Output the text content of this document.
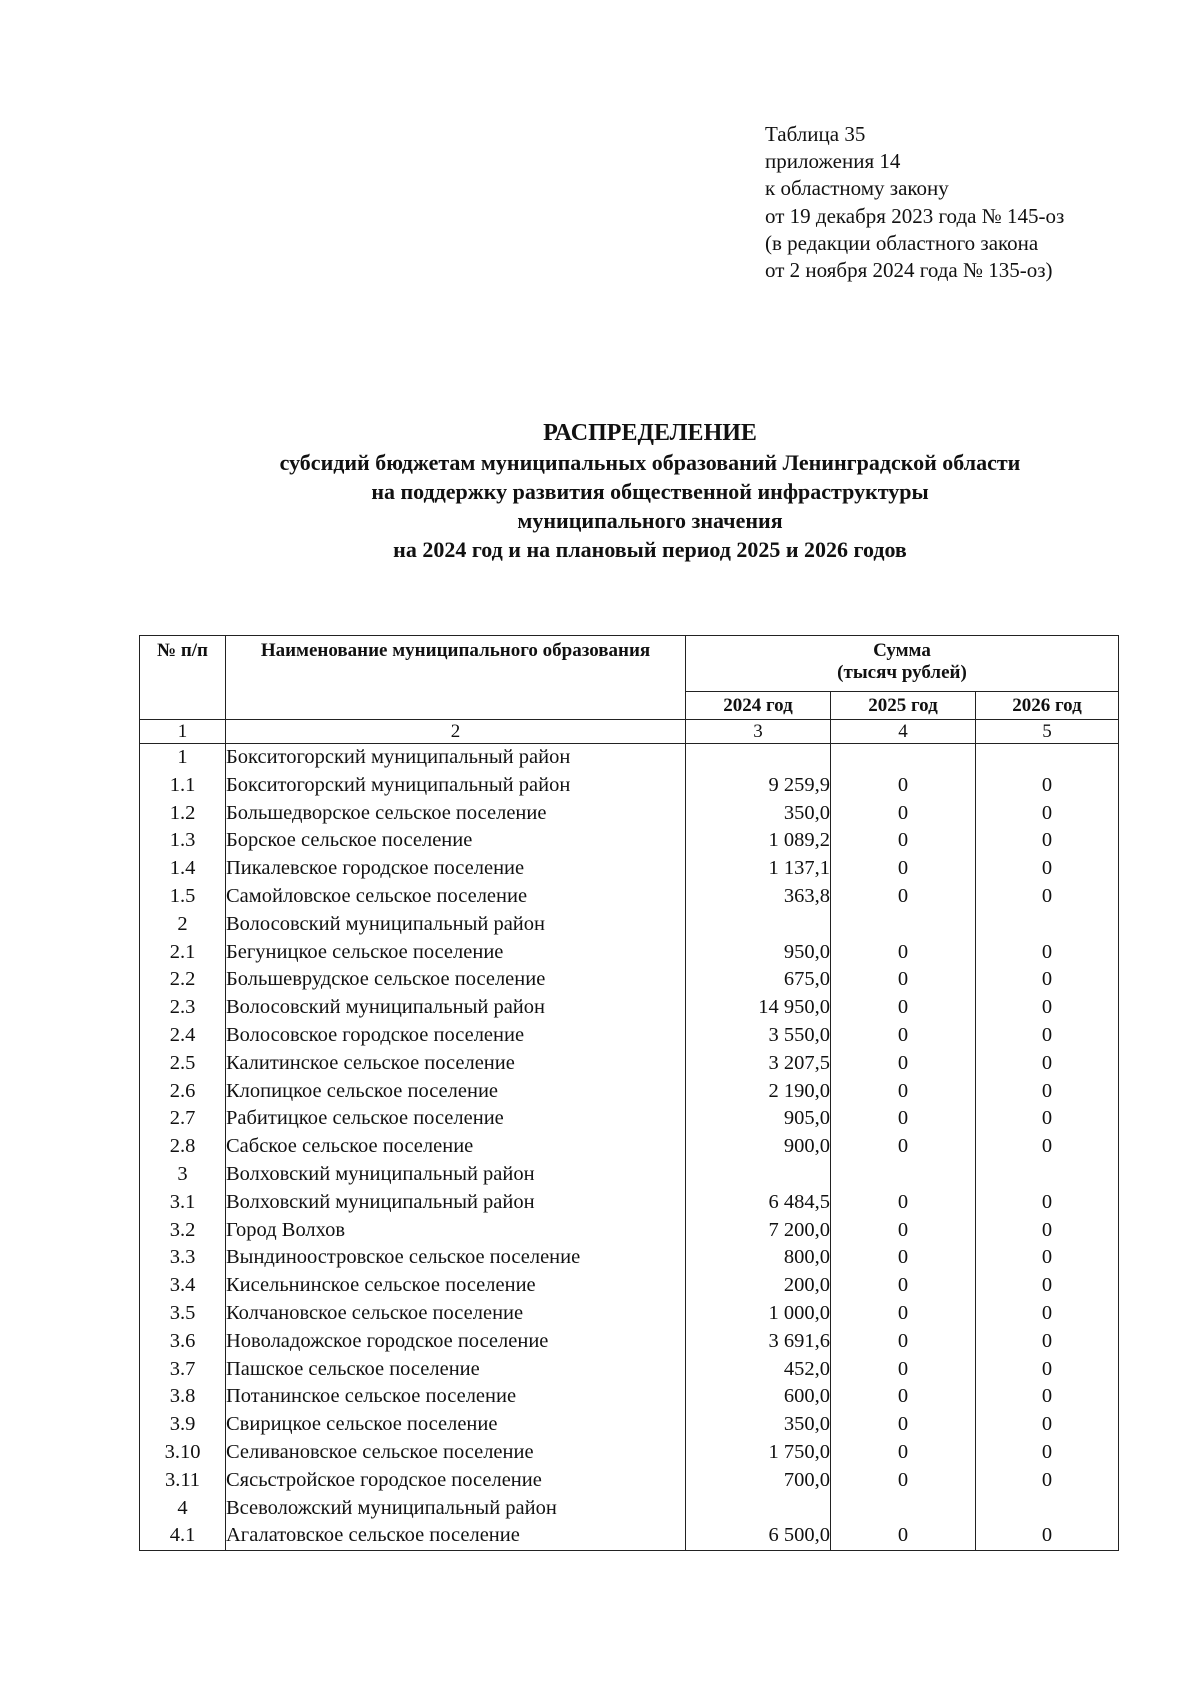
Таблица 35
приложения 14
к областному закону
от 19 декабря 2023 года № 145-оз
(в редакции областного закона
от 2 ноября 2024 года № 135-оз)
РАСПРЕДЕЛЕНИЕ
субсидий бюджетам муниципальных образований Ленинградской области
на поддержку развития общественной инфраструктуры
муниципального значения
на 2024 год и на плановый период 2025 и 2026 годов
№ п/п	Наименование муниципального образования	Сумма
(тысяч рублей)		

		2024 год	2025 год	2026 год
1	2	3	4	5
1	Бокситогорский муниципальный район			
1.1	Бокситогорский муниципальный район	9 259,9	0	0
1.2	Большедворское сельское поселение	350,0	0	0
1.3	Борское сельское поселение	1 089,2	0	0
1.4	Пикалевское городское поселение	1 137,1	0	0
1.5	Самойловское сельское поселение	363,8	0	0
2	Волосовский муниципальный район			
2.1	Бегуницкое сельское поселение	950,0	0	0
2.2	Большеврудское сельское поселение	675,0	0	0
2.3	Волосовский муниципальный район	14 950,0	0	0
2.4	Волосовское городское поселение	3 550,0	0	0
2.5	Калитинское сельское поселение	3 207,5	0	0
2.6	Клопицкое сельское поселение	2 190,0	0	0
2.7	Рабитицкое сельское поселение	905,0	0	0
2.8	Сабское сельское поселение	900,0	0	0
3	Волховский муниципальный район			
3.1	Волховский муниципальный район	6 484,5	0	0
3.2	Город Волхов	7 200,0	0	0
3.3	Вындиноостровское сельское поселение	800,0	0	0
3.4	Кисельнинское сельское поселение	200,0	0	0
3.5	Колчановское сельское поселение	1 000,0	0	0
3.6	Новоладожское городское поселение	3 691,6	0	0
3.7	Пашское сельское поселение	452,0	0	0
3.8	Потанинское сельское поселение	600,0	0	0
3.9	Свирицкое сельское поселение	350,0	0	0
3.10	Селивановское сельское поселение	1 750,0	0	0
3.11	Сясьстройское городское поселение	700,0	0	0
4	Всеволожский муниципальный район			
4.1	Агалатовское сельское поселение	6 500,0	0	0
